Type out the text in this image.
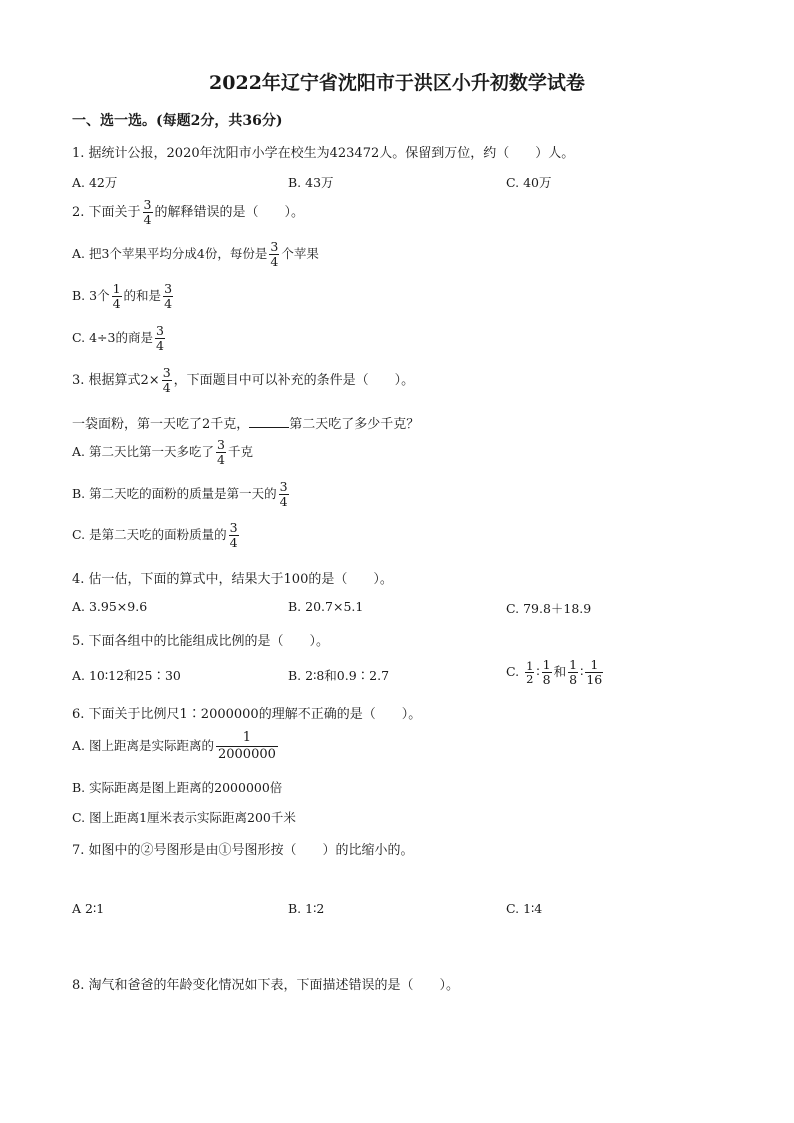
2022年辽宁省沈阳市于洪区小升初数学试卷
一、选一选。(每题2分，共36分)
1. 据统计公报，2020年沈阳市小学在校生为423472人。保留到万位，约（　　）人。
A. 42万	B. 43万	C. 40万
2. 下面关于 $\frac{3}{4}$ 的解释错误的是（　　）。
A. 把3个苹果平均分成4份，每份是 $\frac{3}{4}$ 个苹果
B. 3个 $\frac{1}{4}$ 的和是 $\frac{3}{4}$
C. 4÷3的商是 $\frac{3}{4}$
3. 根据算式$2\times \frac{3}{4}$ ，下面题目中可以补充的条件是（　　）。
一袋面粉，第一天吃了2千克，	第二天吃了多少千克？
A. 第二天比第一天多吃了 $\frac{3}{4}$ 千克
B. 第二天吃的面粉的质量是第一天的 $\frac{3}{4}$
C. 是第二天吃的面粉质量的 $\frac{3}{4}$
4. 估一估，下面的算式中，结果大于100的是（　　）。
A. 3.95×9.6	B. 20.7×5.1	C. 79.8＋18.9
5. 下面各组中的比能组成比例的是（　　）。
A. 10∶12和25∶30	B. 2∶8和0.9∶2.7	C. $\frac{1}{2}$ ∶ $\frac{1}{8}$ 和 $\frac{1}{8}$ ∶ $\frac{1}{16}$
6. 下面关于比例尺1∶2000000的理解不正确的是（　　）。
A. 图上距离是实际距离的 $\frac{1}{2000000}$
B. 实际距离是图上距离的2000000倍
C. 图上距离1厘米表示实际距离200千米
7. 如图中的②号图形是由①号图形按（　　）的比缩小的。
A 2∶1	B. 1∶2	C. 1∶4
8. 淘气和爸爸的年龄变化情况如下表，下面描述错误的是（　　）。
